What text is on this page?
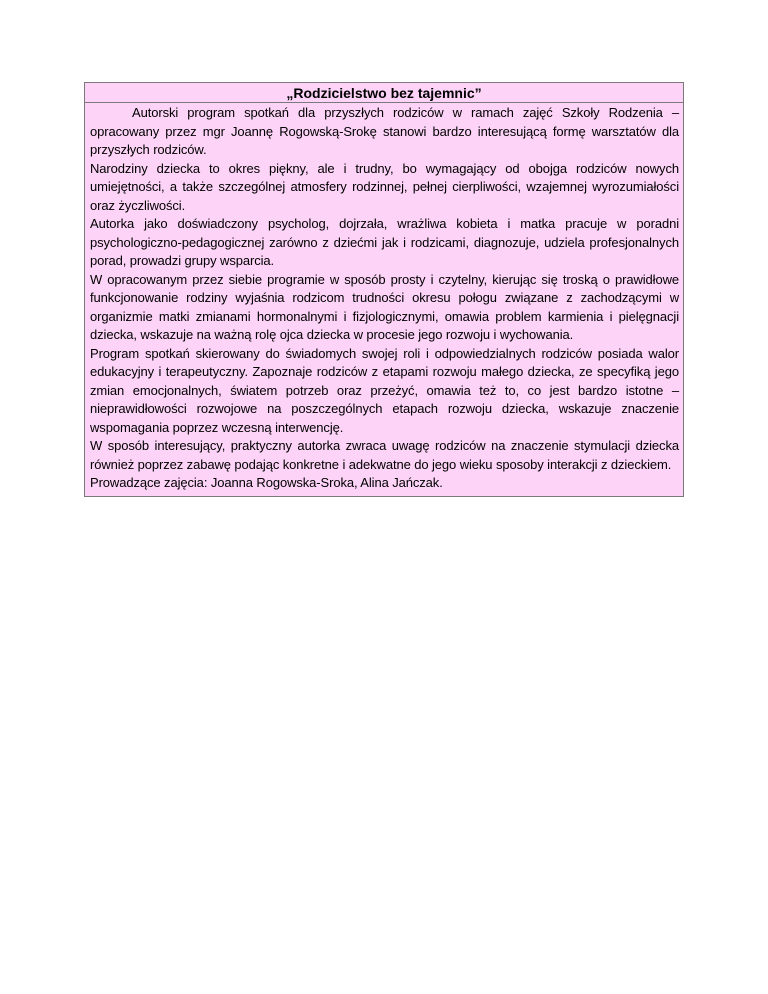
„Rodzicielstwo bez tajemnic”

Autorski program spotkań dla przyszłych rodziców w ramach zajęć Szkoły Rodzenia – opracowany przez mgr Joannę Rogowską-Srokę stanowi bardzo interesującą formę warsztatów dla przyszłych rodziców.

Narodziny dziecka to okres piękny, ale i trudny, bo wymagający od obojga rodziców nowych umiejętności, a także szczególnej atmosfery rodzinnej, pełnej cierpliwości, wzajemnej wyrozumiałości oraz życzliwości.

Autorka jako doświadczony psycholog, dojrzała, wrażliwa kobieta i matka pracuje w poradni psychologiczno-pedagogicznej zarówno z dziećmi jak i rodzicami, diagnozuje, udziela profesjonalnych porad, prowadzi grupy wsparcia.

W opracowanym przez siebie programie w sposób prosty i czytelny, kierując się troską o prawidłowe funkcjonowanie rodziny wyjaśnia rodzicom trudności okresu połogu związane z zachodzącymi w organizmie matki zmianami hormonalnymi i fizjologicznymi, omawia problem karmienia i pielęgnacji dziecka, wskazuje na ważną rolę ojca dziecka w procesie jego rozwoju i wychowania.

Program spotkań skierowany do świadomych swojej roli i odpowiedzialnych rodziców posiada walor edukacyjny i terapeutyczny. Zapoznaje rodziców z etapami rozwoju małego dziecka, ze specyfiką jego zmian emocjonalnych, światem potrzeb oraz przeżyć, omawia też to, co jest bardzo istotne – nieprawidłowości rozwojowe na poszczególnych etapach rozwoju dziecka, wskazuje znaczenie wspomagania poprzez wczesną interwencję.

W sposób interesujący, praktyczny autorka zwraca uwagę rodziców na znaczenie stymulacji dziecka również poprzez zabawę podając konkretne i adekwatne do jego wieku sposoby interakcji z dzieckiem.

Prowadzące zajęcia: Joanna Rogowska-Sroka, Alina Jańczak.
